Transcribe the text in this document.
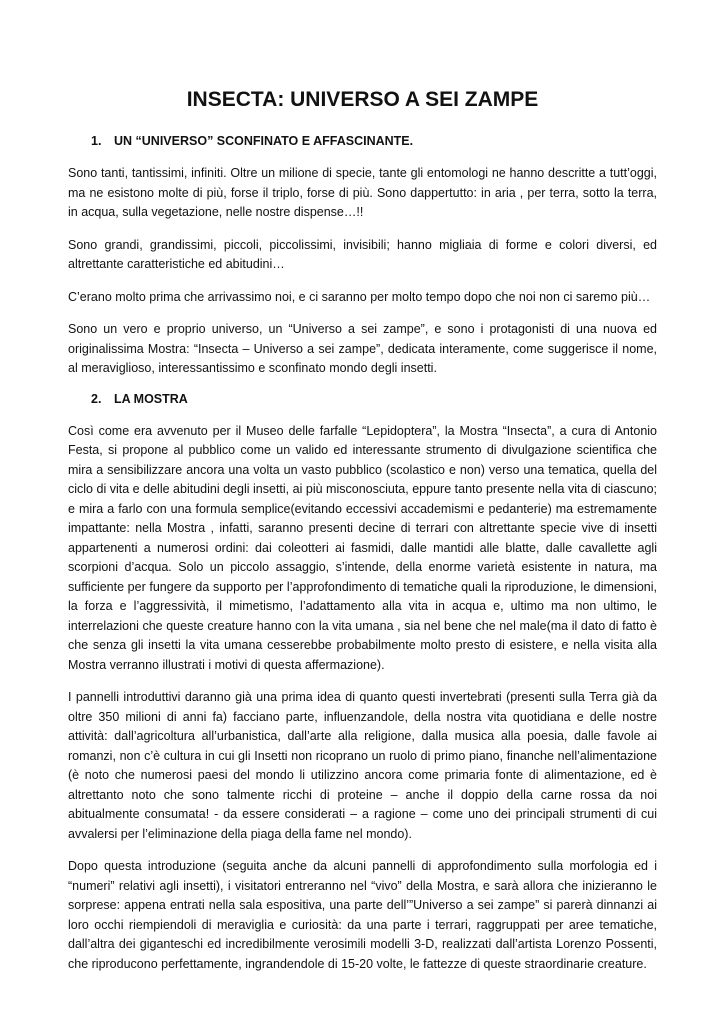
INSECTA: UNIVERSO A SEI ZAMPE
1.	UN “UNIVERSO” SCONFINATO E AFFASCINANTE.

Sono tanti, tantissimi, infiniti. Oltre un milione di specie, tante gli entomologi ne hanno descritte a tutt’oggi, ma ne esistono molte di più, forse il triplo, forse di più. Sono dappertutto: in aria , per terra, sotto la terra, in acqua, sulla vegetazione, nelle nostre dispense…!!

Sono grandi, grandissimi, piccoli, piccolissimi, invisibili; hanno migliaia di forme e colori diversi, ed altrettante caratteristiche ed abitudini…

C’erano molto prima che arrivassimo noi, e ci saranno per molto tempo dopo che noi non ci saremo più…

Sono un vero e proprio universo, un “Universo a sei zampe”, e sono i protagonisti di una nuova ed originalissima Mostra: “Insecta – Universo a sei zampe”, dedicata interamente, come suggerisce il nome, al meraviglioso, interessantissimo e sconfinato mondo degli insetti.

2.	LA MOSTRA

Così come era avvenuto per il Museo delle farfalle “Lepidoptera”, la Mostra “Insecta”, a cura di Antonio Festa, si propone al pubblico come un valido ed interessante strumento di divulgazione scientifica che mira a sensibilizzare ancora una volta un vasto pubblico (scolastico e non) verso una tematica, quella del ciclo di vita e delle abitudini degli insetti, ai più misconosciuta, eppure tanto presente nella vita di ciascuno; e mira a farlo con una formula semplice(evitando eccessivi accademismi e pedanterie) ma estremamente impattante: nella Mostra , infatti, saranno presenti decine di terrari con altrettante specie vive di insetti appartenenti a numerosi ordini: dai coleotteri ai fasmidi, dalle mantidi alle blatte, dalle cavallette agli scorpioni d’acqua. Solo un piccolo assaggio, s’intende, della enorme varietà esistente in natura, ma sufficiente per fungere da supporto per l’approfondimento di tematiche quali la riproduzione, le dimensioni, la forza e l’aggressività, il mimetismo, l’adattamento alla vita in acqua e, ultimo ma non ultimo, le interrelazioni che queste creature hanno con la vita umana , sia nel bene che nel male(ma il dato di fatto è che senza gli insetti la vita umana cesserebbe probabilmente molto presto di esistere, e nella visita alla Mostra verranno illustrati i motivi di questa affermazione).

I pannelli introduttivi daranno già una prima idea di quanto questi invertebrati (presenti sulla Terra già da oltre 350 milioni di anni fa) facciano parte, influenzandole, della nostra vita quotidiana e delle nostre attività: dall’agricoltura all’urbanistica, dall’arte alla religione, dalla musica alla poesia, dalle favole ai romanzi, non c’è cultura in cui gli Insetti non ricoprano un ruolo di primo piano, finanche nell’alimentazione (è noto che numerosi paesi del mondo li utilizzino ancora come primaria fonte di alimentazione, ed è altrettanto noto che sono talmente ricchi di proteine – anche il doppio della carne rossa da noi abitualmente consumata! - da essere considerati – a ragione – come uno dei principali strumenti di cui avvalersi per l’eliminazione della piaga della fame nel mondo).

Dopo questa introduzione (seguita anche da alcuni pannelli di approfondimento sulla morfologia ed i “numeri” relativi agli insetti), i visitatori entreranno nel “vivo” della Mostra, e sarà allora che inizieranno le sorprese: appena entrati nella sala espositiva, una parte dell’”Universo a sei zampe” si parerà dinnanzi ai loro occhi riempiendoli di meraviglia e curiosità: da una parte i terrari, raggruppati per aree tematiche, dall’altra dei giganteschi ed incredibilmente verosimili modelli 3-D, realizzati dall’artista Lorenzo Possenti, che riproducono perfettamente, ingrandendole di 15-20 volte, le fattezze di queste straordinarie creature.
